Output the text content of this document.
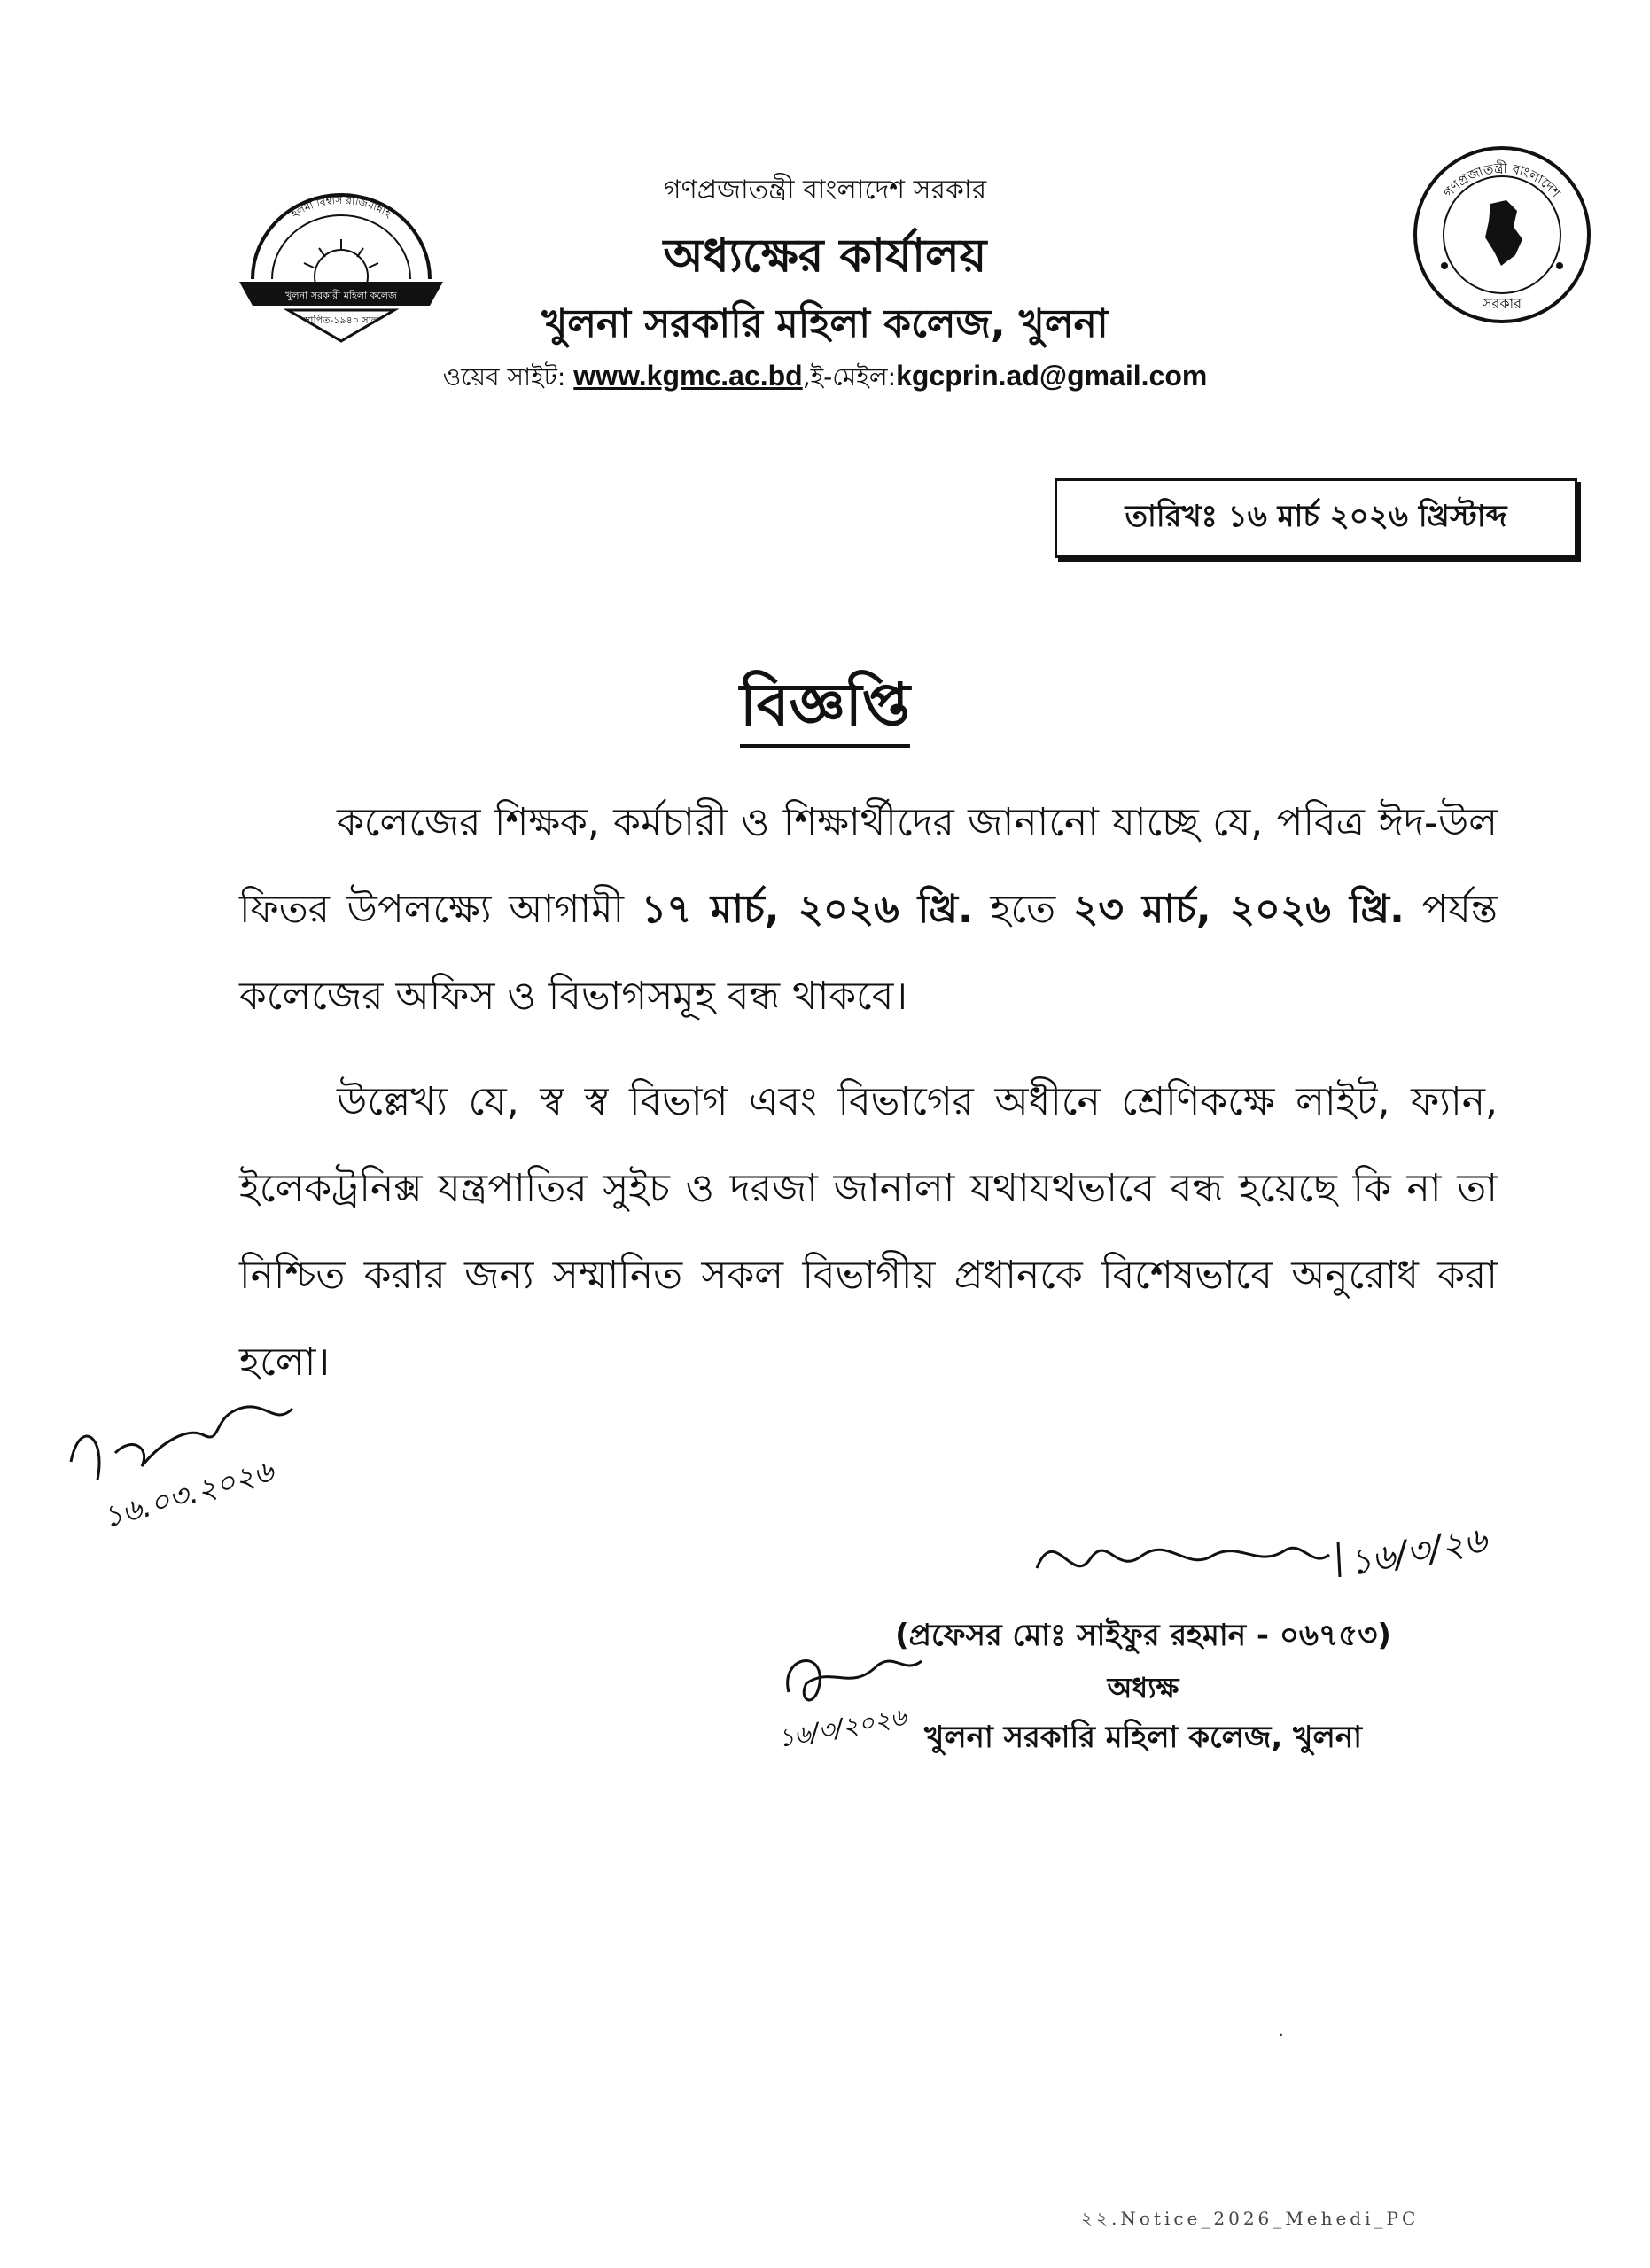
খুলনা সরকারী মহিলা কলেজ
স্থাপিত-১৯৪০ সাল
ইলমা বিশ্বাস রাজিমান্নাহ
গণপ্রজাতন্ত্রী বাংলাদেশ
সরকার
গণপ্রজাতন্ত্রী বাংলাদেশ সরকার
অধ্যক্ষের কার্যালয়
খুলনা সরকারি মহিলা কলেজ, খুলনা
ওয়েব সাইট: www.kgmc.ac.bd,ই-মেইল:kgcprin.ad@gmail.com
তারিখঃ ১৬ মার্চ ২০২৬ খ্রিস্টাব্দ
বিজ্ঞপ্তি
কলেজের শিক্ষক, কর্মচারী ও শিক্ষার্থীদের জানানো যাচ্ছে যে, পবিত্র ঈদ-উল ফিতর উপলক্ষ্যে আগামী ১৭ মার্চ, ২০২৬ খ্রি. হতে ২৩ মার্চ, ২০২৬ খ্রি. পর্যন্ত কলেজের অফিস ও বিভাগসমূহ বন্ধ থাকবে।
উল্লেখ্য যে, স্ব স্ব বিভাগ এবং বিভাগের অধীনে শ্রেণিকক্ষে লাইট, ফ্যান, ইলেকট্রনিক্স যন্ত্রপাতির সুইচ ও দরজা জানালা যথাযথভাবে বন্ধ হয়েছে কি না তা নিশ্চিত করার জন্য সম্মানিত সকল বিভাগীয় প্রধানকে বিশেষভাবে অনুরোধ করা হলো।
১৬.০৩.২০২৬
১৬/৩/২৬
১৬/৩/২০২৬
(প্রফেসর মোঃ সাইফুর রহমান - ০৬৭৫৩)
অধ্যক্ষ
খুলনা সরকারি মহিলা কলেজ, খুলনা
·
২২.Notice_2026_Mehedi_PC
